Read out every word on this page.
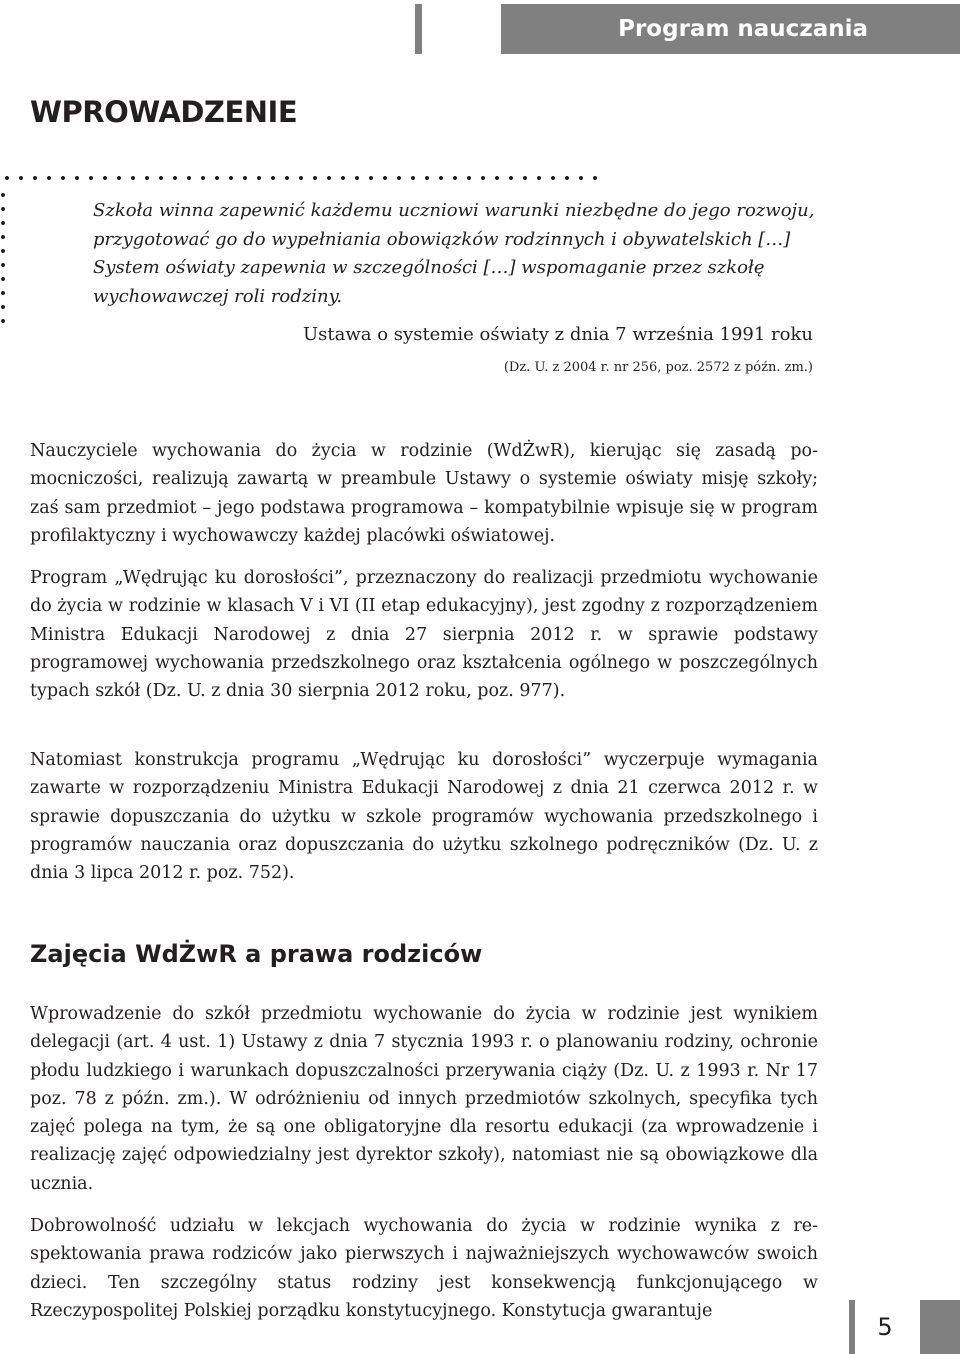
Program nauczania
WPROWADZENIE

Szkoła winna zapewnić każdemu uczniowi warunki niezbędne do jego rozwoju, przygotować go do wypełniania obowiązków rodzinnych i obywatelskich […] System oświaty zapewnia w szczególności […] wspomaganie przez szkołę wychowawczej roli rodziny.

Ustawa o systemie oświaty z dnia 7 września 1991 roku

(Dz. U. z 2004 r. nr 256, poz. 2572 z późn. zm.)

Nauczyciele wychowania do życia w rodzinie (WdŻwR), kierując się zasadą pomocniczości, realizują zawartą w preambule Ustawy o systemie oświaty misję szkoły; zaś sam przedmiot – jego podstawa programowa – kompatybilnie wpisuje się w program profilaktyczny i wychowawczy każdej placówki oświatowej.

Program „Wędrując ku dorosłości”, przeznaczony do realizacji przedmiotu wychowanie do życia w rodzinie w klasach V i VI (II etap edukacyjny), jest zgodny z rozporządzeniem Ministra Edukacji Narodowej z dnia 27 sierpnia 2012 r. w sprawie podstawy programowej wychowania przedszkolnego oraz kształcenia ogólnego w poszczególnych typach szkół (Dz. U. z dnia 30 sierpnia 2012 roku, poz. 977).

Natomiast konstrukcja programu „Wędrując ku dorosłości” wyczerpuje wymagania zawarte w rozporządzeniu Ministra Edukacji Narodowej z dnia 21 czerwca 2012 r. w sprawie dopuszczania do użytku w szkole programów wychowania przedszkolnego i programów nauczania oraz dopuszczania do użytku szkolnego podręczników (Dz. U. z dnia 3 lipca 2012 r. poz. 752).

Zajęcia WdŻwR a prawa rodziców

Wprowadzenie do szkół przedmiotu wychowanie do życia w rodzinie jest wynikiem delegacji (art. 4 ust. 1) Ustawy z dnia 7 stycznia 1993 r. o planowaniu rodziny, ochronie płodu ludzkiego i warunkach dopuszczalności przerywania ciąży (Dz. U. z 1993 r. Nr 17 poz. 78 z późn. zm.). W odróżnieniu od innych przedmiotów szkolnych, specyfika tych zajęć polega na tym, że są one obligatoryjne dla resortu edukacji (za wprowadzenie i realizację zajęć odpowiedzialny jest dyrektor szkoły), natomiast nie są obowiązkowe dla ucznia.

Dobrowolność udziału w lekcjach wychowania do życia w rodzinie wynika z respektowania prawa rodziców jako pierwszych i najważniejszych wychowawców swoich dzieci. Ten szczególny status rodziny jest konsekwencją funkcjonującego w Rzeczypospolitej Polskiej porządku konstytucyjnego. Konstytucja gwarantuje

5
